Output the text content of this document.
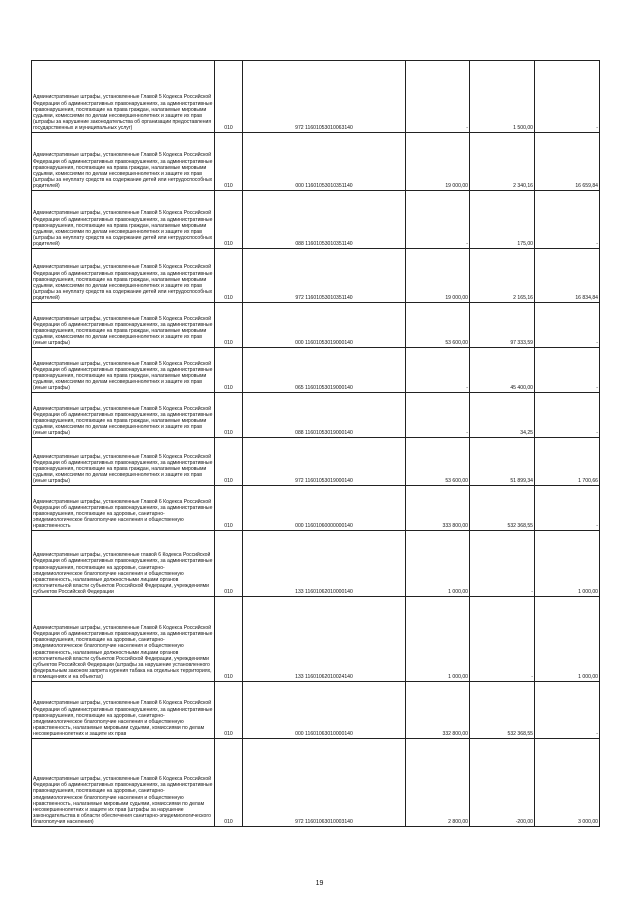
Административные штрафы, установленные Главой 5 Кодекса Российской Федерации об административных правонарушениях, за административные правонарушения, посягающие на права граждан, налагаемые мировыми судьями, комиссиями по делам несовершеннолетних и защите их прав (штрафы за нарушение законодательства об организации предоставления государственных и муниципальных услуг)	010	972 11601053010063140	-	1 500,00	-
Административные штрафы, установленные Главой 5 Кодекса Российской Федерации об административных правонарушениях, за административные правонарушения, посягающие на права граждан, налагаемые мировыми судьями, комиссиями по делам несовершеннолетних и защите их прав (штрафы за неуплату средств на содержание детей или нетрудоспособных родителей)	010	000 11601053010351140	19 000,00	2 340,16	16 659,84
Административные штрафы, установленные Главой 5 Кодекса Российской Федерации об административных правонарушениях, за административные правонарушения, посягающие на права граждан, налагаемые мировыми судьями, комиссиями по делам несовершеннолетних и защите их прав (штрафы за неуплату средств на содержание детей или нетрудоспособных родителей)	010	088 11601053010351140	-	175,00	-
Административные штрафы, установленные Главой 5 Кодекса Российской Федерации об административных правонарушениях, за административные правонарушения, посягающие на права граждан, налагаемые мировыми судьями, комиссиями по делам несовершеннолетних и защите их прав (штрафы за неуплату средств на содержание детей или нетрудоспособных родителей)	010	972 11601053010351140	19 000,00	2 165,16	16 834,84
Административные штрафы, установленные Главой 5 Кодекса Российской Федерации об административных правонарушениях, за административные правонарушения, посягающие на права граждан, налагаемые мировыми судьями, комиссиями по делам несовершеннолетних и защите их прав (иные штрафы)	010	000 11601053019000140	53 600,00	97 333,59	-
Административные штрафы, установленные Главой 5 Кодекса Российской Федерации об административных правонарушениях, за административные правонарушения, посягающие на права граждан, налагаемые мировыми судьями, комиссиями по делам несовершеннолетних и защите их прав (иные штрафы)	010	065 11601053019000140	-	45 400,00	-
Административные штрафы, установленные Главой 5 Кодекса Российской Федерации об административных правонарушениях, за административные правонарушения, посягающие на права граждан, налагаемые мировыми судьями, комиссиями по делам несовершеннолетних и защите их прав (иные штрафы)	010	088 11601053019000140	-	34,25	-
Административные штрафы, установленные Главой 5 Кодекса Российской Федерации об административных правонарушениях, за административные правонарушения, посягающие на права граждан, налагаемые мировыми судьями, комиссиями по делам несовершеннолетних и защите их прав (иные штрафы)	010	972 11601053019000140	53 600,00	51 899,34	1 700,66
Административные штрафы, установленные Главой 6 Кодекса Российской Федерации об административных правонарушениях, за административные правонарушения, посягающие на здоровье, санитарно-эпидемиологическое благополучие населения и общественную нравственность	010	000 11601060000000140	333 800,00	532 368,55	-
Административные штрафы, установленные главой 6 Кодекса Российской Федерации об административных правонарушениях, за административные правонарушения, посягающие на здоровье, санитарно-эпидемиологическое благополучие населения и общественную нравственность, налагаемые должностными лицами органов исполнительной власти субъектов Российской Федерации, учреждениями субъектов Российской Федерации	010	133 11601062010000140	1 000,00	-	1 000,00
Административные штрафы, установленные Главой 6 Кодекса Российской Федерации об административных правонарушениях, за административные правонарушения, посягающие на здоровье, санитарно-эпидемиологическое благополучие населения и общественную нравственность, налагаемые должностными лицами органов исполнительной власти субъектов Российской Федерации, учреждениями субъектов Российской Федерации (штрафы за нарушение установленного федеральным законом запрета курения табака на отдельных территориях, в помещениях и на объектах)	010	133 11601062010024140	1 000,00	-	1 000,00
Административные штрафы, установленные Главой 6 Кодекса Российской Федерации об административных правонарушениях, за административные правонарушения, посягающие на здоровье, санитарно-эпидемиологическое благополучие населения и общественную нравственность, налагаемые мировыми судьями, комиссиями по делам несовершеннолетних и защите их прав	010	000 11601063010000140	332 800,00	532 368,55	-
Административные штрафы, установленные Главой 6 Кодекса Российской Федерации об административных правонарушениях, за административные правонарушения, посягающие на здоровье, санитарно-эпидемиологическое благополучие населения и общественную нравственность, налагаемые мировыми судьями, комиссиями по делам несовершеннолетних и защите их прав (штрафы за нарушение законодательства в области обеспечения санитарно-эпидемиологического благополучия населения)	010	972 11601063010003140	2 800,00	-200,00	3 000,00
19
